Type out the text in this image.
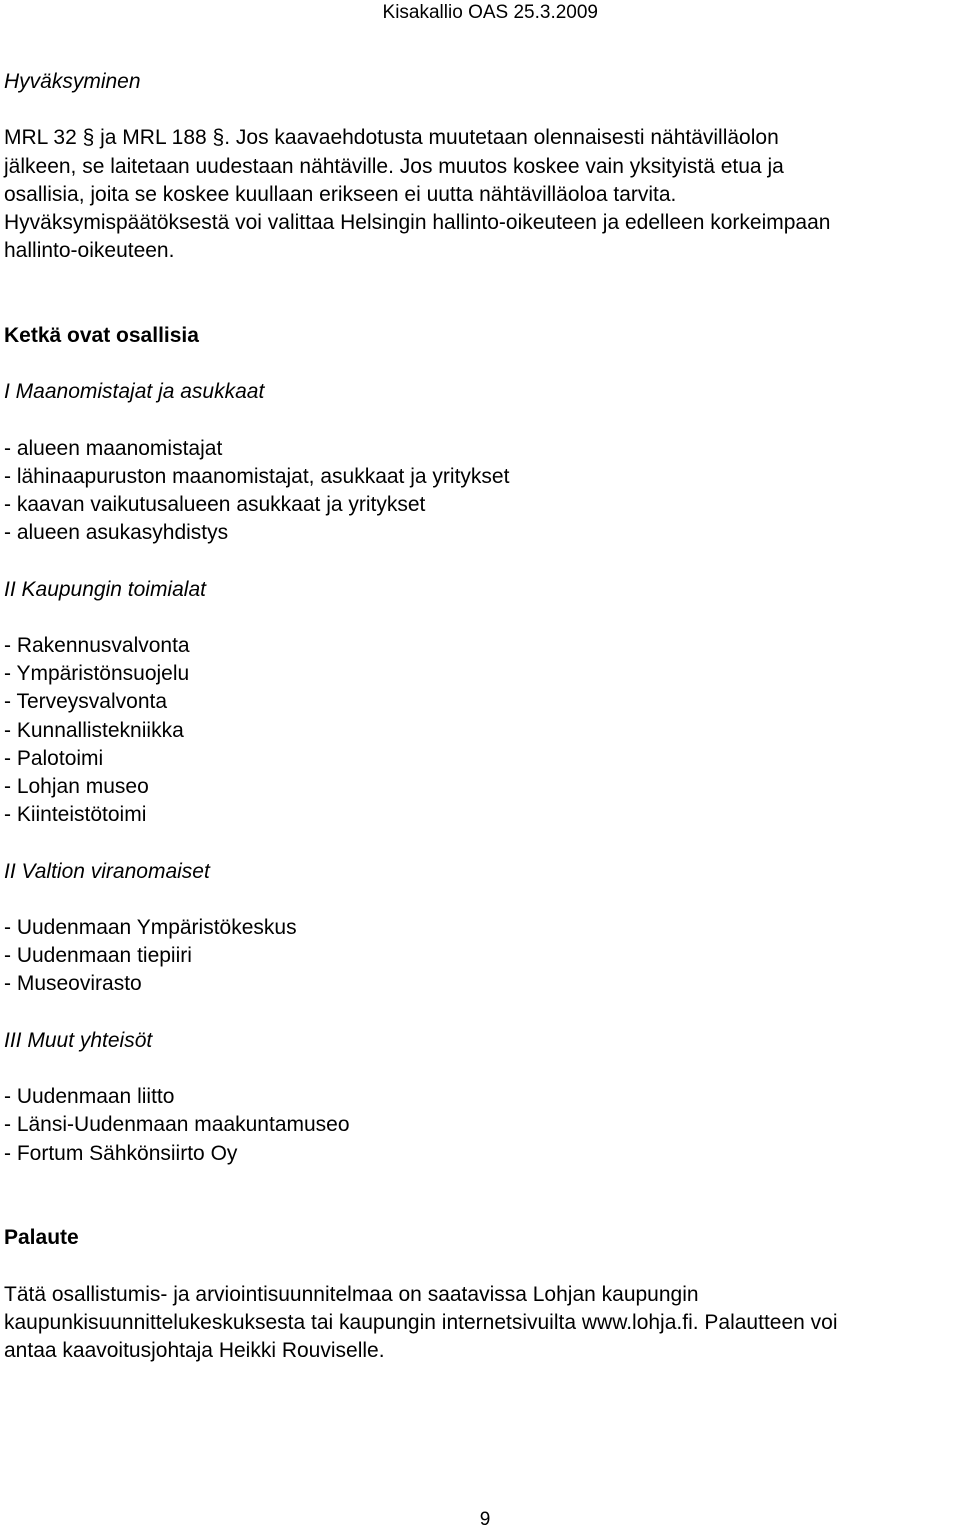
Kisakallio OAS 25.3.2009
Hyväksyminen
MRL 32 § ja MRL 188 §. Jos kaavaehdotusta muutetaan olennaisesti nähtävilläolon
jälkeen, se laitetaan uudestaan nähtäville. Jos muutos koskee vain yksityistä etua ja
osallisia, joita se koskee kuullaan erikseen ei uutta nähtävilläoloa tarvita.
Hyväksymispäätöksestä voi valittaa Helsingin hallinto-oikeuteen ja edelleen korkeimpaan
hallinto-oikeuteen.
Ketkä ovat osallisia
I Maanomistajat ja asukkaat
- alueen maanomistajat
- lähinaapuruston maanomistajat, asukkaat ja yritykset
- kaavan vaikutusalueen asukkaat ja yritykset
- alueen asukasyhdistys
II Kaupungin toimialat
- Rakennusvalvonta
- Ympäristönsuojelu
- Terveysvalvonta
- Kunnallistekniikka
- Palotoimi
- Lohjan museo
- Kiinteistötoimi
II Valtion viranomaiset
- Uudenmaan Ympäristökeskus
- Uudenmaan tiepiiri
- Museovirasto
III Muut yhteisöt
- Uudenmaan liitto
- Länsi-Uudenmaan maakuntamuseo
- Fortum Sähkönsiirto Oy
Palaute
Tätä osallistumis- ja arviointisuunnitelmaa on saatavissa Lohjan kaupungin
kaupunkisuunnittelukeskuksesta tai kaupungin internetsivuilta www.lohja.fi. Palautteen voi
antaa kaavoitusjohtaja Heikki Rouviselle.
9
